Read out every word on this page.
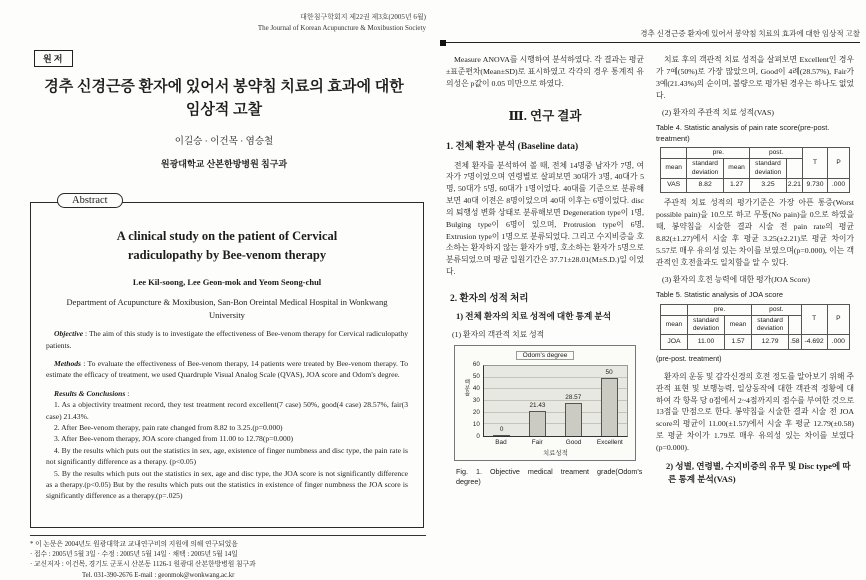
대한침구학회지 제22권 제3호(2005년 6월)
The Journal of Korean Acupuncture & Moxibustion Society
원저
경추 신경근증 환자에 있어서 봉약침 치료의 효과에 대한
임상적 고찰
이길승 · 이건목 · 염승철
원광대학교 산본한방병원 침구과
Abstract
A clinical study on the patient of Cervical
radiculopathy by Bee-venom therapy
Lee Kil-soong, Lee Geon-mok and Yeom Seong-chul
Department of Acupuncture & Moxibusion, San-Bon Oreintal Medical Hospital in Wonkwang University

Objective : The aim of this study is to investigate the effectiveness of Bee-venom therapy for Cervical radiculopathy patients.

Methods : To evaluate the effectiveness of Bee-venom therapy, 14 patients were treated by Bee-venom therapy. To estimate the efficacy of treatment, we used Quardruple Visual Analog Scale (QVAS), JOA score and Odom's degree.

Results & Conclusions :

1. As a objectivity treatment record, they test treatment record excellent(7 case) 50%, good(4 case) 28.57%, fair(3 case) 21.43%.

2. After Bee-venom therapy, pain rate changed from 8.82 to 3.25.(p=0.000)

3. After Bee-venom therapy, JOA score changed from 11.00 to 12.78(p=0.000)

4. By the results which puts out the statistics in sex, age, existence of finger numbness and disc type, the pain rate is not significantly difference as a therapy. (p<0.05)

5. By the results which puts out the statistics in sex, age and disc type, the JOA score is not significantly difference as a therapy.(p<0.05) But by the results which puts out the statistics in existence of finger numbness the JOA score is significantly difference as a therapy.(p=.025)

* 이 논문은 2004년도 원광대학교 교내연구비의 지원에 의해 연구되었음

· 접수 : 2005년 5월 3일 · 수정 : 2005년 5월 14일 · 채택 : 2005년 5월 14일

· 교신저자 : 이건목, 경기도 군포시 산본동 1126-1 원광대 산본한방병원 침구과

Tel. 031-390-2676 E-mail : geonmok@wonkwang.ac.kr

경추 신경근증 환자에 있어서 봉약침 치료의 효과에 대한 임상적 고찰

Measure ANOVA를 시행하여 분석하였다. 각 결과는 평균±표준편차(Mean±SD)로 표시하였고 각각의 경우 통계적 유의성은 p값이 0.05 미만으로 하였다.

Ⅲ. 연구 결과
1. 전체 환자 분석 (Baseline data)

전체 환자를 분석하여 볼 때, 전체 14명중 남자가 7명, 여자가 7명이었으며 연령별로 살펴보면 30대가 3명, 40대가 5명, 50대가 5명, 60대가 1명이었다. 40대를 기준으로 분류해 보면 40대 이전은 8명이었으며 40대 이후는 6명이었다. disc의 퇴행성 변화 상태로 분류해보면 Degeneration type이 1명, Bulging type이 6명이 있으며, Protrusion type이 6명, Extrusion type이 1명으로 분류되었다. 그리고 수지비증을 호소하는 환자하지 않는 환자가 9명, 호소하는 환자가 5명으로 분류되었으며 평균 입원기간은 37.71±28.01(M±S.D.)일 이었다.

2. 환자의 성적 처리
1) 전체 환자의 치료 성적에 대한 통계 분석
(1) 환자의 객관적 치료 성적
Odom's degree
백분율
0
10
20
30
40
50
60
0
21.43
28.57
50
Bad	Fair	Good	Excellent
치료성적
Fig. 1. Objective medical treament grade(Odom's degree)

치료 후의 객관적 치료 성적을 살펴보면 Excellent인 경우가 7예(50%)로 가장 많았으며, Good이 4례(28.57%), Fair가 3예(21.43%)의 순이며, 불량으로 평가된 경우는 하나도 없었다.

(2) 환자의 주관적 치료 성적(VAS)
Table 4. Statistic analysis of pain rate score(pre-post. treatment)
	pre.		post.		T	P
mean	standard deviation	mean	standard deviation			
VAS	8.82	1.27	3.25	2.21	9.730	.000

주관적 치료 성적의 평가기준은 가장 아픈 통증(Worst possible pain)을 10으로 하고 무통(No pain)을 0으로 하였을 때, 봉약침을 시술한 결과 시술 전 pain rate의 평균 8.82(±1.27)에서 시술 후 평균 3.25(±2.21)로 평균 차이가 5.57로 매우 유의성 있는 차이를 보였으며(p=0.000), 이는 객관적인 호전율과도 일치함을 알 수 있다.

(3) 환자의 호전 능력에 대한 평가(JOA Score)
Table 5. Statistic analysis of JOA score
	pre.		post.		T	P
mean	standard deviation	mean	standard deviation			
JOA	11.00	1.57	12.79	.58	-4.692	.000
(pre-post. treatment)

환자의 운동 및 감각신경의 호전 정도를 알아보기 위해 주관적 표현 및 보행능력, 일상동작에 대한 객관적 정황에 대하여 각 항목 당 0점에서 2~4점까지의 점수를 부여한 것으로 13점을 만점으로 한다. 봉약침을 시술한 결과 시술 전 JOA score의 평균이 11.00(±1.57)에서 시술 후 평균 12.79(±0.58)로 평균 차이가 1.79로 매우 유의성 있는 차이를 보였다(p=0.000).

2) 성별, 연령별, 수지비증의 유무 및 Disc type에 따른 통계 분석(VAS)
